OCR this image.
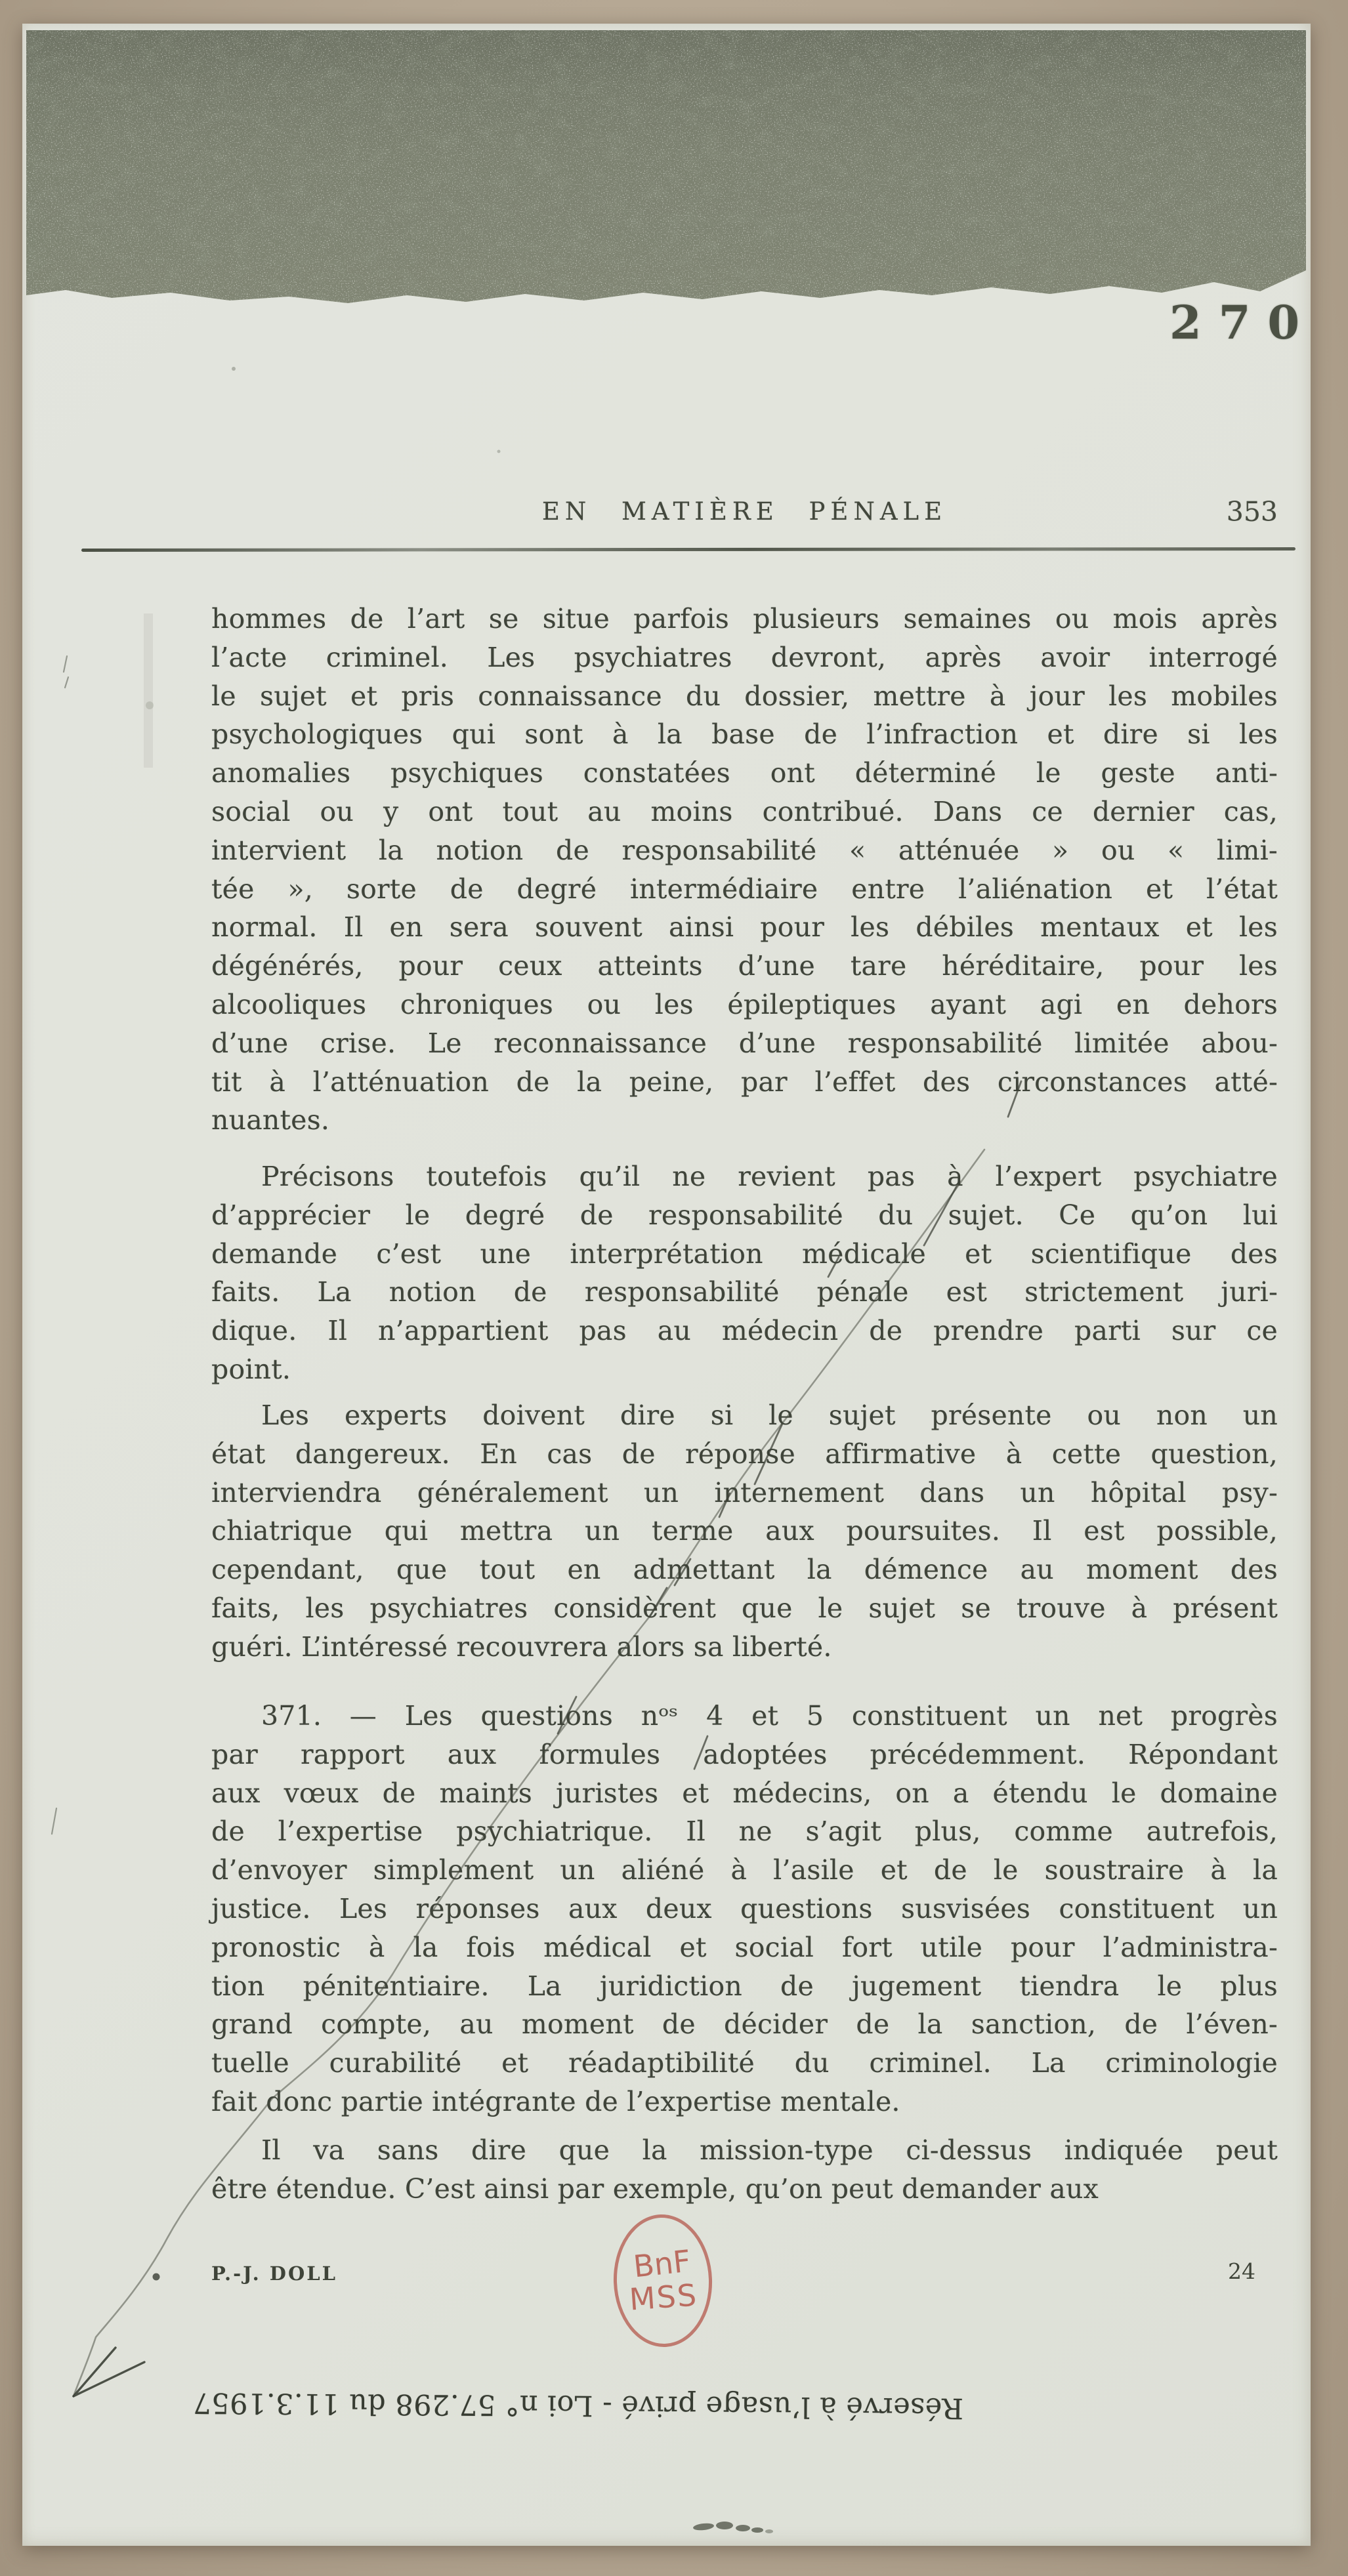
270
EN MATIÈRE PÉNALE	353
hommes de l’art se situe parfois plusieurs semaines ou mois après
l’acte criminel. Les psychiatres devront, après avoir interrogé
le sujet et pris connaissance du dossier, mettre à jour les mobiles
psychologiques qui sont à la base de l’infraction et dire si les
anomalies psychiques constatées ont déterminé le geste anti-
social ou y ont tout au moins contribué. Dans ce dernier cas,
intervient la notion de responsabilité « atténuée » ou « limi-
tée », sorte de degré intermédiaire entre l’aliénation et l’état
normal. Il en sera souvent ainsi pour les débiles mentaux et les
dégénérés, pour ceux atteints d’une tare héréditaire, pour les
alcooliques chroniques ou les épileptiques ayant agi en dehors
d’une crise. Le reconnaissance d’une responsabilité limitée abou-
tit à l’atténuation de la peine, par l’effet des circonstances atté-
nuantes.
Précisons toutefois qu’il ne revient pas à l’expert psychiatre
d’apprécier le degré de responsabilité du sujet. Ce qu’on lui
demande c’est une interprétation médicale et scientifique des
faits. La notion de responsabilité pénale est strictement juri-
dique. Il n’appartient pas au médecin de prendre parti sur ce
point.
Les experts doivent dire si le sujet présente ou non un
état dangereux. En cas de réponse affirmative à cette question,
interviendra généralement un internement dans un hôpital psy-
chiatrique qui mettra un terme aux poursuites. Il est possible,
cependant, que tout en admettant la démence au moment des
faits, les psychiatres considèrent que le sujet se trouve à présent
guéri. L’intéressé recouvrera alors sa liberté.
371. — Les questions nᵒˢ 4 et 5 constituent un net progrès
par rapport aux formules adoptées précédemment. Répondant
aux vœux de maints juristes et médecins, on a étendu le domaine
de l’expertise psychiatrique. Il ne s’agit plus, comme autrefois,
d’envoyer simplement un aliéné à l’asile et de le soustraire à la
justice. Les réponses aux deux questions susvisées constituent un
pronostic à la fois médical et social fort utile pour l’administra-
tion pénitentiaire. La juridiction de jugement tiendra le plus
grand compte, au moment de décider de la sanction, de l’éven-
tuelle curabilité et réadaptibilité du criminel. La criminologie
fait donc partie intégrante de l’expertise mentale.
Il va sans dire que la mission-type ci-dessus indiquée peut
être étendue. C’est ainsi par exemple, qu’on peut demander aux
P.-J. DOLL	24
BnF
MSS
Réservé à l’usage privé - Loi n° 57.298 du 11.3.1957
